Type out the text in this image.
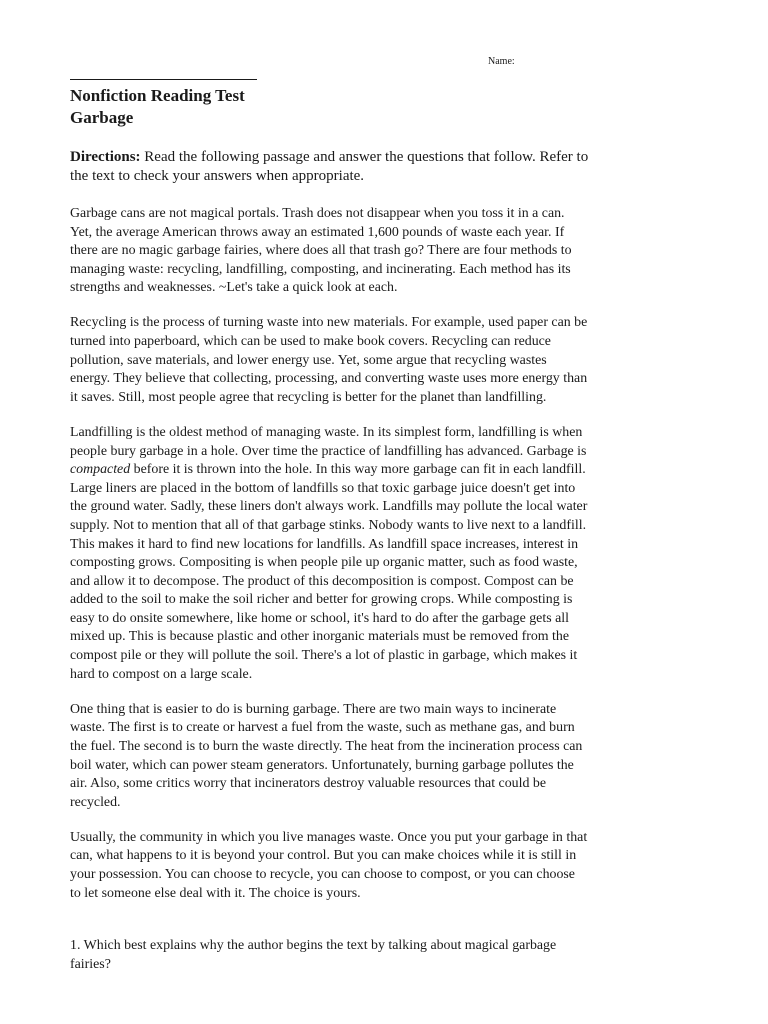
Name:
Nonfiction Reading Test
Garbage
Directions: Read the following passage and answer the questions that follow. Refer to
the text to check your answers when appropriate.

Garbage cans are not magical portals. Trash does not disappear when you toss it in a can.
Yet, the average American throws away an estimated 1,600 pounds of waste each year. If
there are no magic garbage fairies, where does all that trash go? There are four methods to
managing waste: recycling, landfilling, composting, and incinerating. Each method has its
strengths and weaknesses. ~Let's take a quick look at each.

Recycling is the process of turning waste into new materials. For example, used paper can be
turned into paperboard, which can be used to make book covers. Recycling can reduce
pollution, save materials, and lower energy use. Yet, some argue that recycling wastes
energy. They believe that collecting, processing, and converting waste uses more energy than
it saves. Still, most people agree that recycling is better for the planet than landfilling.

Landfilling is the oldest method of managing waste. In its simplest form, landfilling is when
people bury garbage in a hole. Over time the practice of landfilling has advanced. Garbage is
compacted before it is thrown into the hole. In this way more garbage can fit in each landfill.
Large liners are placed in the bottom of landfills so that toxic garbage juice doesn't get into
the ground water. Sadly, these liners don't always work. Landfills may pollute the local water
supply. Not to mention that all of that garbage stinks. Nobody wants to live next to a landfill.
This makes it hard to find new locations for landfills. As landfill space increases, interest in
composting grows. Compositing is when people pile up organic matter, such as food waste,
and allow it to decompose. The product of this decomposition is compost. Compost can be
added to the soil to make the soil richer and better for growing crops. While composting is
easy to do onsite somewhere, like home or school, it's hard to do after the garbage gets all
mixed up. This is because plastic and other inorganic materials must be removed from the
compost pile or they will pollute the soil. There's a lot of plastic in garbage, which makes it
hard to compost on a large scale.

One thing that is easier to do is burning garbage. There are two main ways to incinerate
waste. The first is to create or harvest a fuel from the waste, such as methane gas, and burn
the fuel. The second is to burn the waste directly. The heat from the incineration process can
boil water, which can power steam generators. Unfortunately, burning garbage pollutes the
air. Also, some critics worry that incinerators destroy valuable resources that could be
recycled.

Usually, the community in which you live manages waste. Once you put your garbage in that
can, what happens to it is beyond your control. But you can make choices while it is still in
your possession. You can choose to recycle, you can choose to compost, or you can choose
to let someone else deal with it. The choice is yours.

1. Which best explains why the author begins the text by talking about magical garbage
fairies?
